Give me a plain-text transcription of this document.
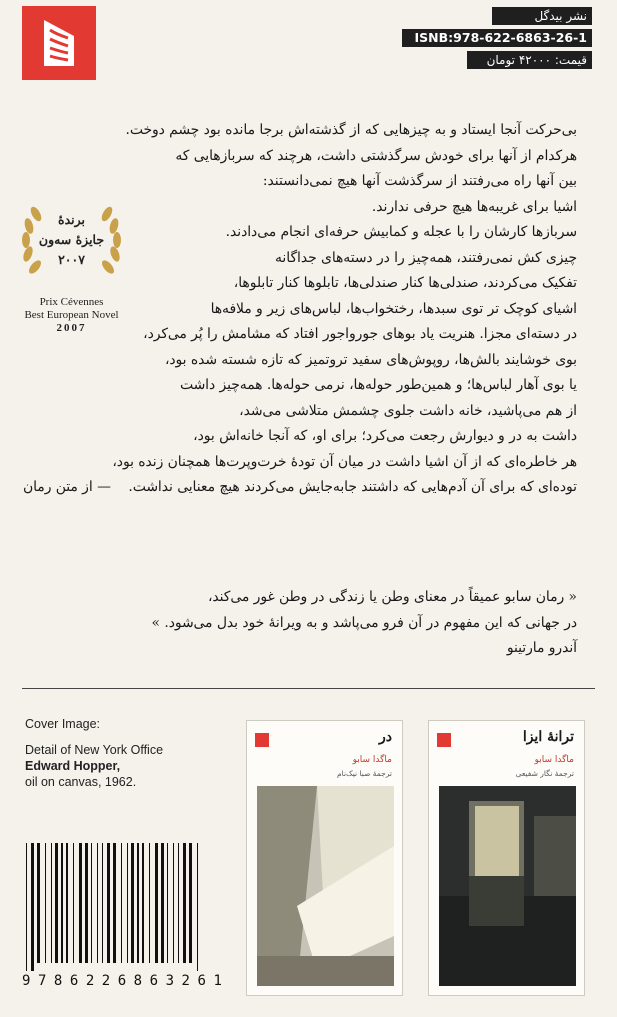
نشر بیدگل
ISNB:978-622-6863-26-1
قیمت: ۴۲۰۰۰ تومان
برندهٔ
جایزهٔ سه‌ون
۲۰۰۷
Prix Cévennes
Best European Novel
2007

بی‌حرکت آنجا ایستاد و به چیزهایی که از گذشته‌اش برجا مانده بود چشم دوخت.

هرکدام از آنها برای خودش سرگذشتی داشت، هرچند که سربازهایی که

بین آنها راه می‌رفتند از سرگذشت آنها هیچ نمی‌دانستند:

اشیا برای غریبه‌ها هیچ حرفی ندارند.

سربازها کارشان را با عجله و کمابیش حرفه‌ای انجام می‌دادند.

چیزی کش نمی‌رفتند، همه‌چیز را در دسته‌های جداگانه

تفکیک می‌کردند، صندلی‌ها کنار صندلی‌ها، تابلوها کنار تابلوها،

اشیای کوچک تر توی سبدها، رختخواب‌ها، لباس‌های زیر و ملافه‌ها

در دسته‌ای مجزا. هنریت یاد بوهای جوروا‌جور افتاد که مشامش را پُر می‌کرد،

بوی خوشایند بالش‌ها، روپوش‌های سفید تروتمیز که تازه شسته شده بود،

یا بوی آهار لباس‌ها؛ و همین‌طور حوله‌ها، نرمی حوله‌ها. همه‌چیز داشت

از هم می‌پاشید، خانه داشت جلوی چشمش متلاشی می‌شد،

داشت به در و دیوارش رجعت می‌کرد؛ برای او، که آنجا خانه‌اش بود،

هر خاطره‌ای که از آن اشیا داشت در میان آن تودهٔ خرت‌وپرت‌ها همچنان زنده بود،

توده‌ای که برای آن آدم‌هایی که داشتند جابه‌جایش می‌کردند هیچ معنایی نداشت.    — از متن رمان

« رمان سابو عمیقاً در معنای وطن یا زندگی در وطن غور می‌کند،

در جهانی که این مفهوم در آن فرو می‌پاشد و به ویرانهٔ خود بدل می‌شود. »

آندرو مارتینو

Cover Image:
Detail of New York Office
Edward Hopper,
oil on canvas, 1962.
9 7 8 6 2 2 6 8 6 3 2 6 1
در
ماگدا سابو
ترجمهٔ صبا نیک‌نام
ترانهٔ ایزا
ماگدا سابو
ترجمهٔ نگار شفیعی
